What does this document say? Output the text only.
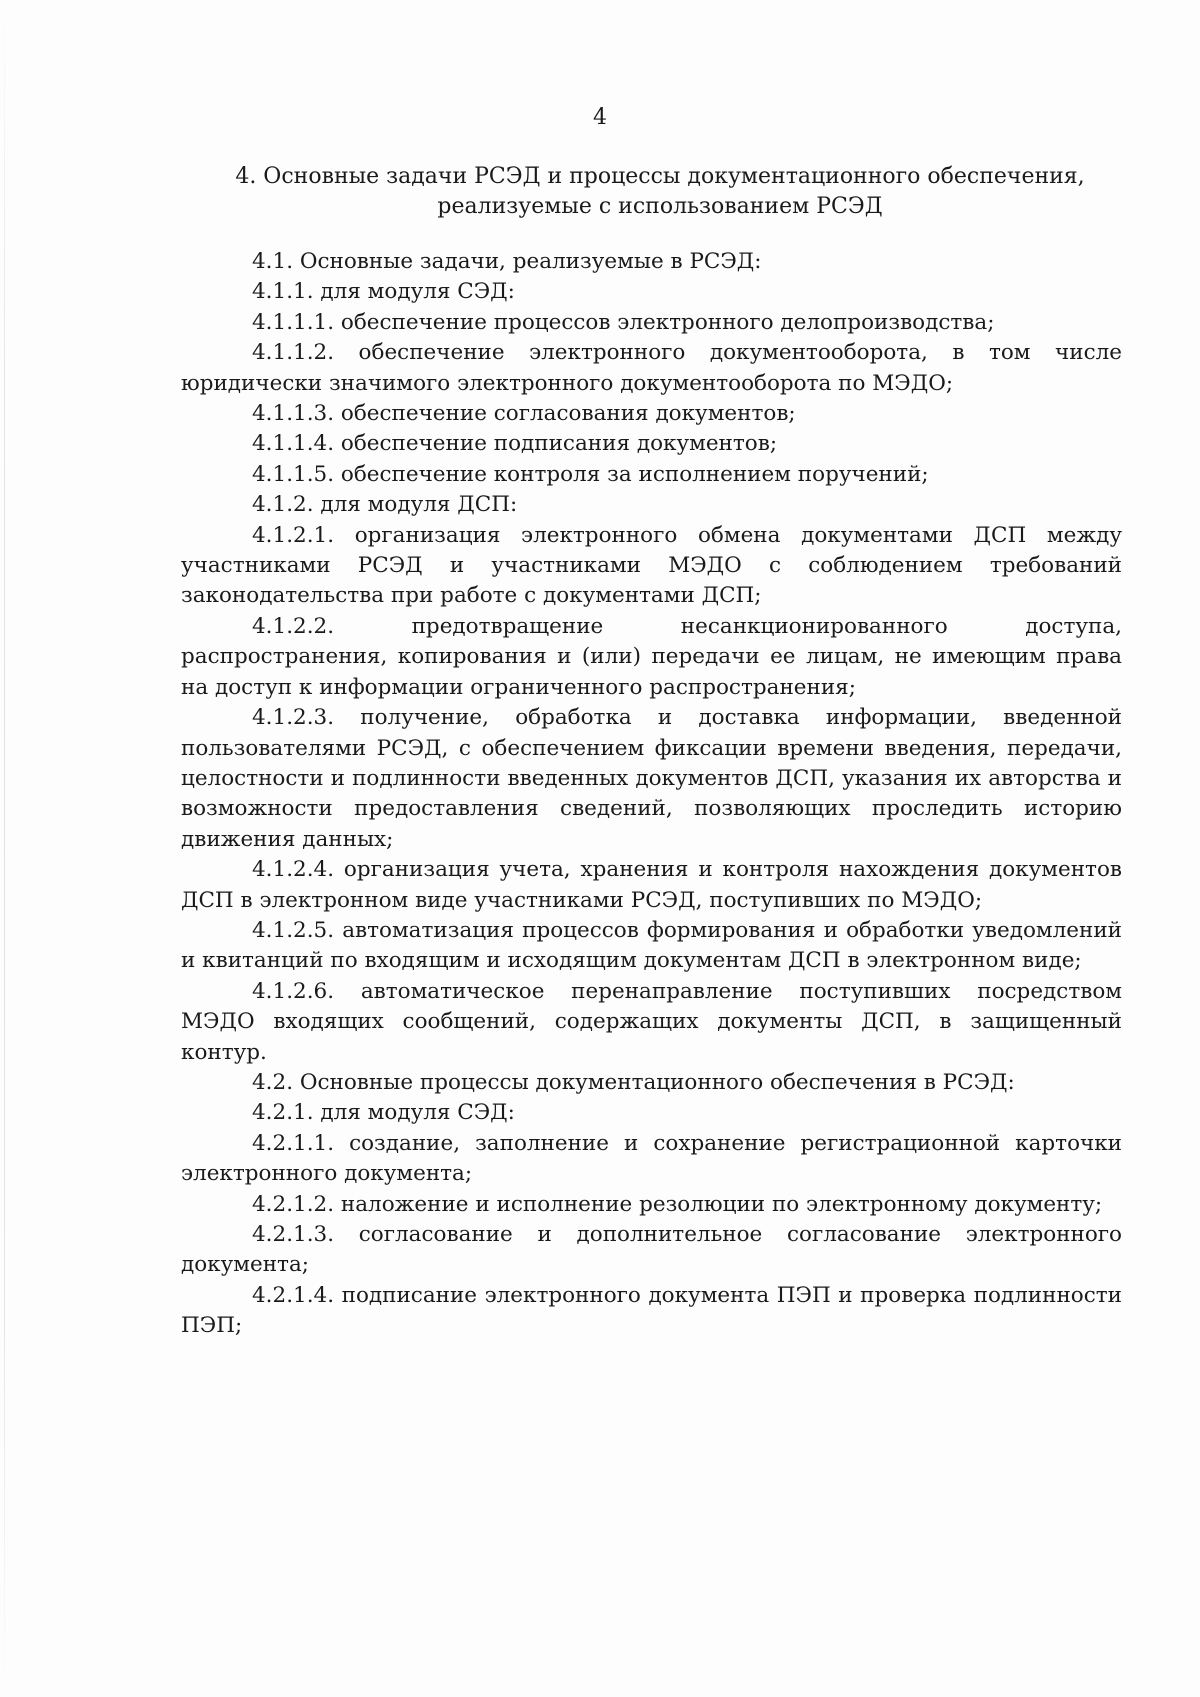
4
4. Основные задачи РСЭД и процессы документационного обеспечения,
реализуемые с использованием РСЭД

4.1. Основные задачи, реализуемые в РСЭД:

4.1.1. для модуля СЭД:

4.1.1.1. обеспечение процессов электронного делопроизводства;

4.1.1.2. обеспечение электронного документооборота, в том числе юридически значимого электронного документооборота по МЭДО;

4.1.1.3. обеспечение согласования документов;

4.1.1.4. обеспечение подписания документов;

4.1.1.5. обеспечение контроля за исполнением поручений;

4.1.2. для модуля ДСП:

4.1.2.1. организация электронного обмена документами ДСП между участниками РСЭД и участниками МЭДО с соблюдением требований законодательства при работе с документами ДСП;

4.1.2.2. предотвращение несанкционированного доступа, распространения, копирования и (или) передачи ее лицам, не имеющим права на доступ к информации ограниченного распространения;

4.1.2.3. получение, обработка и доставка информации, введенной пользователями РСЭД, с обеспечением фиксации времени введения, передачи, целостности и подлинности введенных документов ДСП, указания их авторства и возможности предоставления сведений, позволяющих проследить историю движения данных;

4.1.2.4. организация учета, хранения и контроля нахождения документов ДСП в электронном виде участниками РСЭД, поступивших по МЭДО;

4.1.2.5. автоматизация процессов формирования и обработки уведомлений и квитанций по входящим и исходящим документам ДСП в электронном виде;

4.1.2.6. автоматическое перенаправление поступивших посредством МЭДО входящих сообщений, содержащих документы ДСП, в защищенный контур.

4.2. Основные процессы документационного обеспечения в РСЭД:

4.2.1. для модуля СЭД:

4.2.1.1. создание, заполнение и сохранение регистрационной карточки электронного документа;

4.2.1.2. наложение и исполнение резолюции по электронному документу;

4.2.1.3. согласование и дополнительное согласование электронного документа;

4.2.1.4. подписание электронного документа ПЭП и проверка подлинности ПЭП;
